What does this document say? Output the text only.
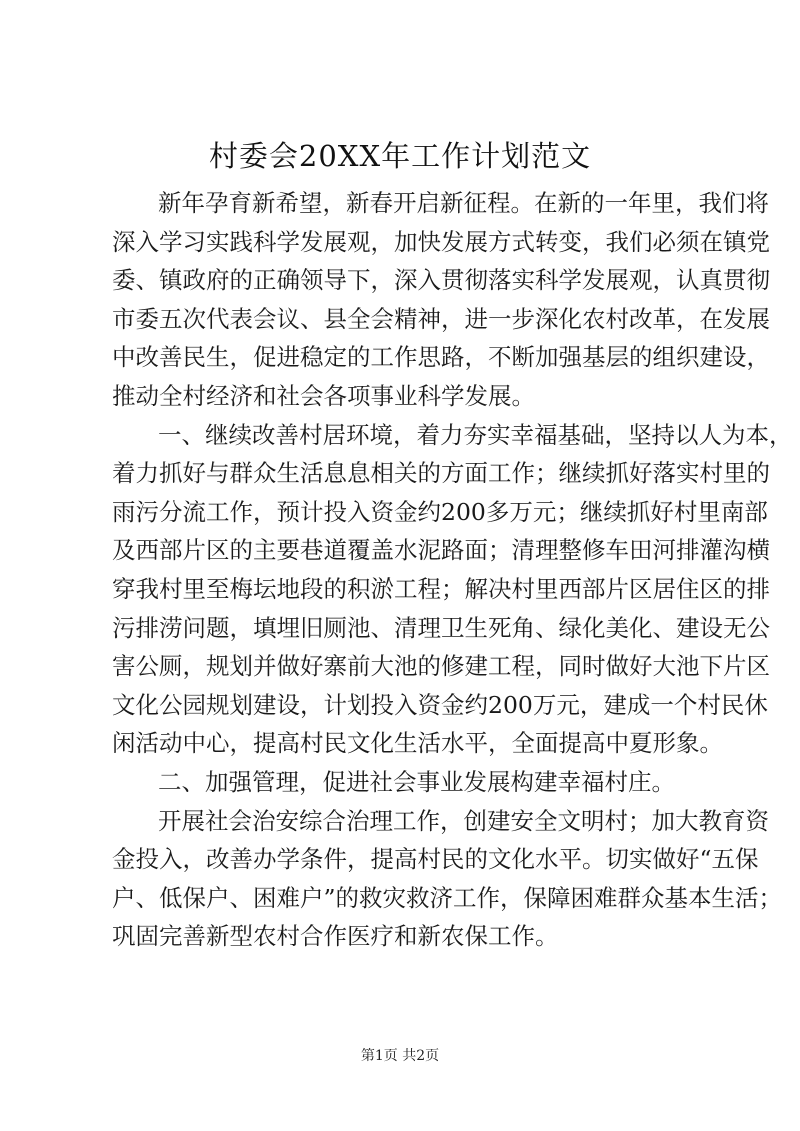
村委会20XX年工作计划范文
新年孕育新希望，新春开启新征程。在新的一年里，我们将
深入学习实践科学发展观，加快发展方式转变，我们必须在镇党
委、镇政府的正确领导下，深入贯彻落实科学发展观，认真贯彻
市委五次代表会议、县全会精神，进一步深化农村改革，在发展
中改善民生，促进稳定的工作思路，不断加强基层的组织建设，
推动全村经济和社会各项事业科学发展。
一、继续改善村居环境，着力夯实幸福基础，坚持以人为本，
着力抓好与群众生活息息相关的方面工作；继续抓好落实村里的
雨污分流工作，预计投入资金约200多万元；继续抓好村里南部
及西部片区的主要巷道覆盖水泥路面；清理整修车田河排灌沟横
穿我村里至梅坛地段的积淤工程；解决村里西部片区居住区的排
污排涝问题，填埋旧厕池、清理卫生死角、绿化美化、建设无公
害公厕，规划并做好寨前大池的修建工程，同时做好大池下片区
文化公园规划建设，计划投入资金约200万元，建成一个村民休
闲活动中心，提高村民文化生活水平，全面提高中夏形象。
二、加强管理，促进社会事业发展构建幸福村庄。
开展社会治安综合治理工作，创建安全文明村；加大教育资
金投入，改善办学条件，提高村民的文化水平。切实做好“五保
户、低保户、困难户”的救灾救济工作，保障困难群众基本生活；
巩固完善新型农村合作医疗和新农保工作。
第1页 共2页
